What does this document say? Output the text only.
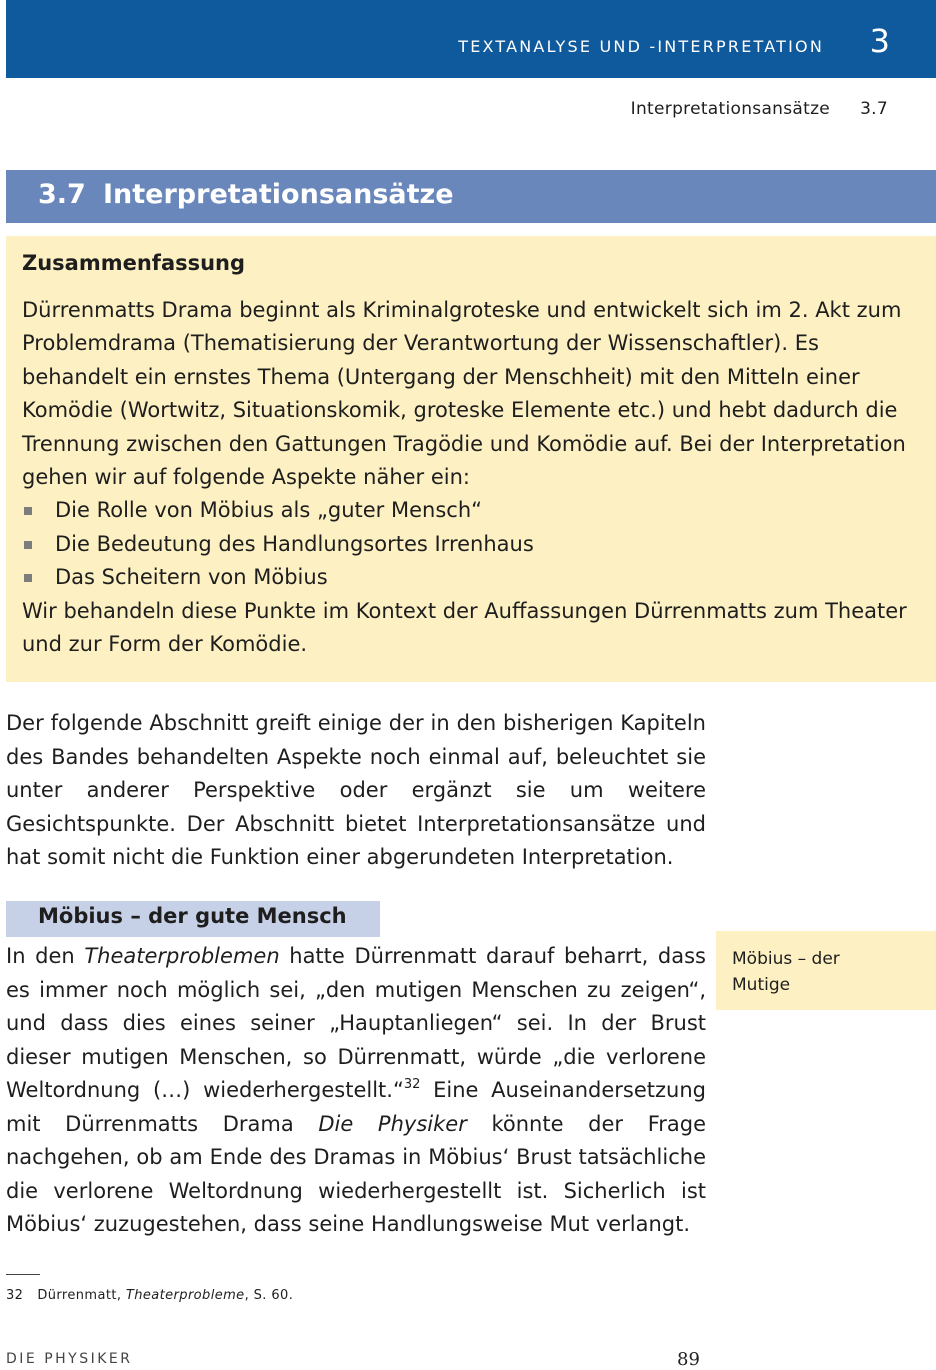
TEXTANALYSE UND -INTERPRETATION 3
Interpretationsansätze 3.7
3.7 Interpretationsansätze
Zusammenfassung
Dürrenmatts Drama beginnt als Kriminalgroteske und entwickelt sich im 2. Akt zum Problemdrama (Thematisierung der Verantwortung der Wissenschaftler). Es behandelt ein ernstes Thema (Untergang der Menschheit) mit den Mitteln einer Komödie (Wortwitz, Situationskomik, groteske Elemente etc.) und hebt dadurch die Trennung zwischen den Gattungen Tragödie und Komödie auf. Bei der Interpretation gehen wir auf folgende Aspekte näher ein:
Die Rolle von Möbius als „guter Mensch“
Die Bedeutung des Handlungsortes Irrenhaus
Das Scheitern von Möbius
Wir behandeln diese Punkte im Kontext der Auffassungen Dürrenmatts zum Theater und zur Form der Komödie.

Der folgende Abschnitt greift einige der in den bisherigen Kapiteln des Bandes behandelten Aspekte noch einmal auf, beleuchtet sie unter anderer Perspektive oder ergänzt sie um weitere Gesichtspunkte. Der Abschnitt bietet Interpretationsansätze und hat somit nicht die Funktion einer abgerundeten Interpretation.

Möbius – der gute Mensch

In den Theaterproblemen hatte Dürrenmatt darauf beharrt, dass es immer noch möglich sei, „den mutigen Menschen zu zeigen“, und dass dies eines seiner „Hauptanliegen“ sei. In der Brust dieser mutigen Menschen, so Dürrenmatt, würde „die verlorene Weltordnung (…) wiederhergestellt.“$^{32}$ Eine Auseinandersetzung mit Dürrenmatts Drama Die Physiker könnte der Frage nachgehen, ob am Ende des Dramas in Möbius‘ Brust tatsächliche die verlorene Weltordnung wiederhergestellt ist. Sicherlich ist Möbius‘ zuzugestehen, dass seine Handlungsweise Mut verlangt.

Möbius – der Mutige
32 Dürrenmatt, Theaterprobleme, S. 60.
DIE PHYSIKER	89
